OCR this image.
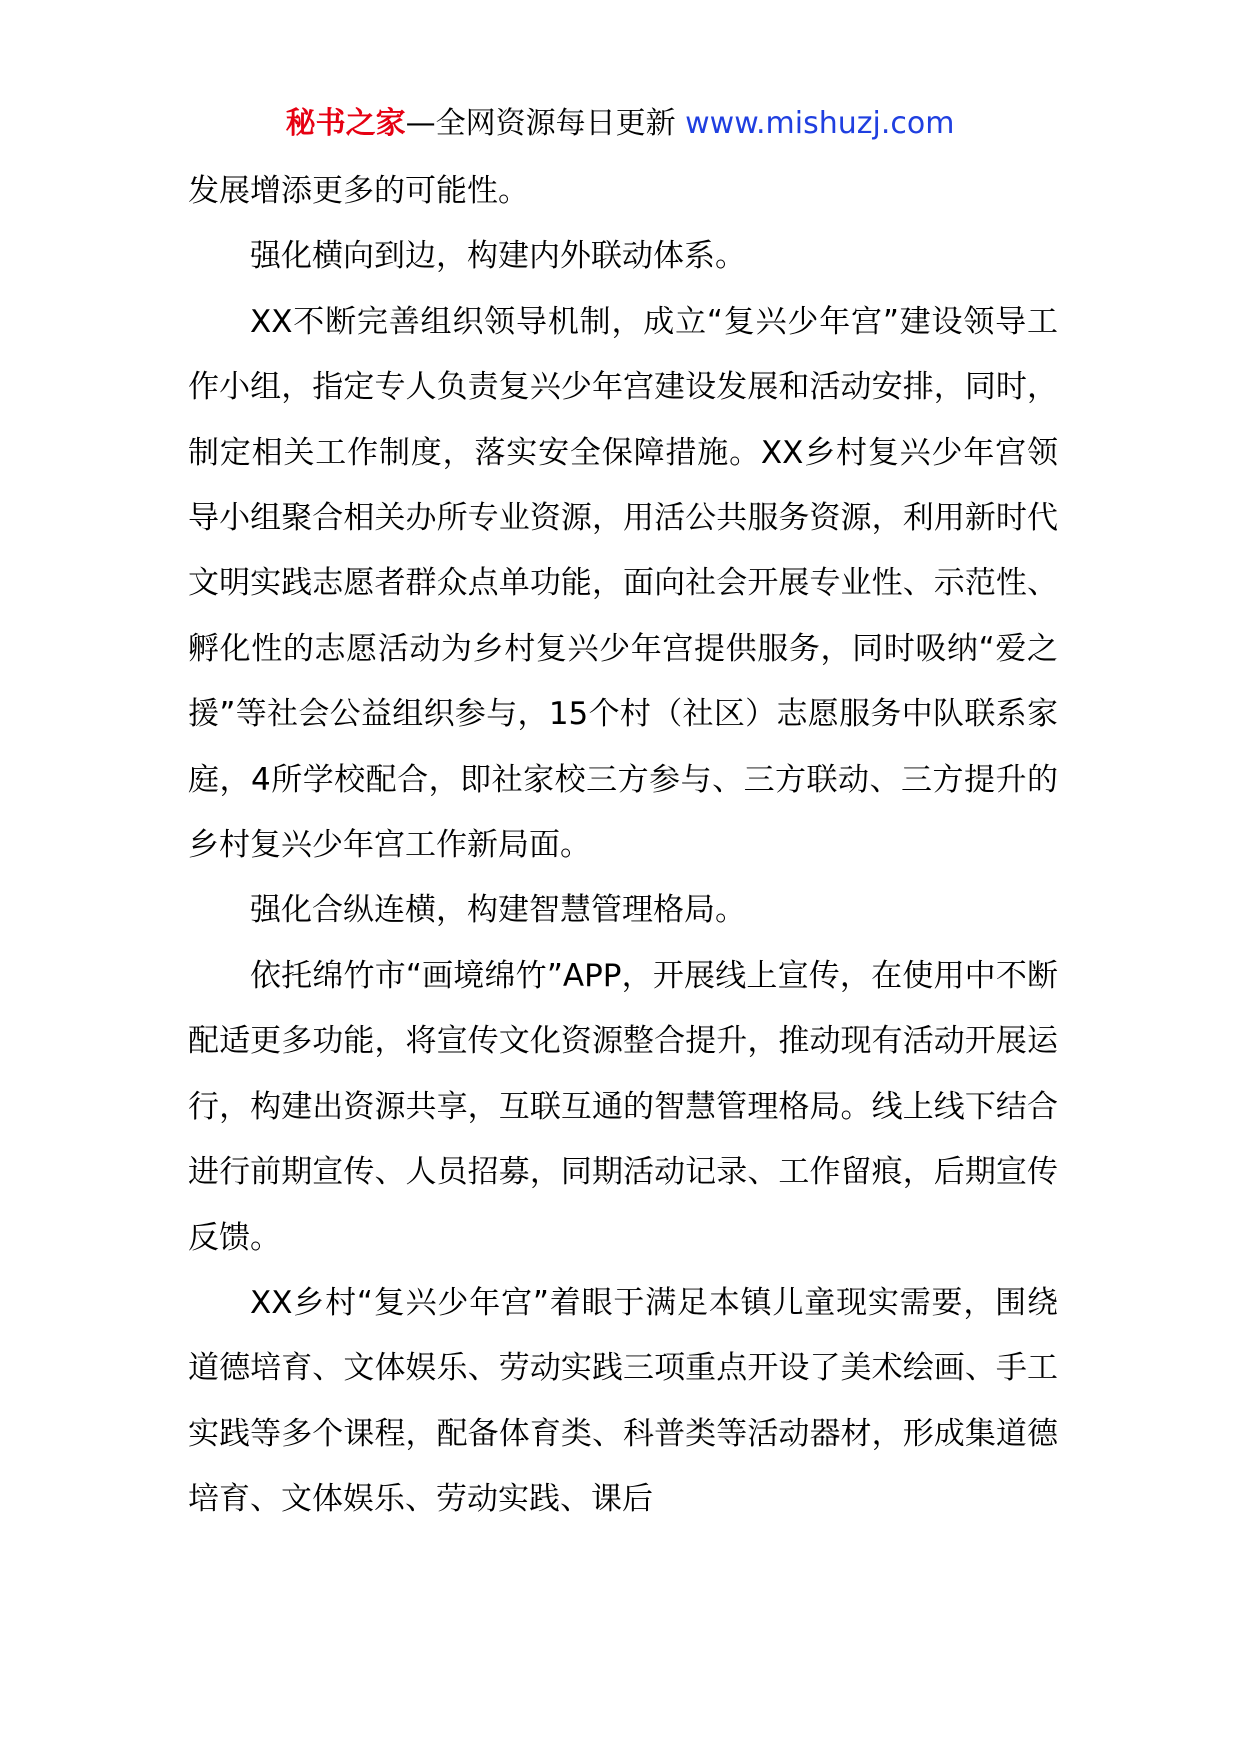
秘书之家—全网资源每日更新 www.mishuzj.com

发展增添更多的可能性。

强化横向到边，构建内外联动体系。

XX不断完善组织领导机制，成立“复兴少年宫”建设领导工作小组，指定专人负责复兴少年宫建设发展和活动安排，同时，制定相关工作制度，落实安全保障措施。XX乡村复兴少年宫领导小组聚合相关办所专业资源，用活公共服务资源，利用新时代文明实践志愿者群众点单功能，面向社会开展专业性、示范性、孵化性的志愿活动为乡村复兴少年宫提供服务，同时吸纳“爱之援”等社会公益组织参与，15个村（社区）志愿服务中队联系家庭，4所学校配合，即社家校三方参与、三方联动、三方提升的乡村复兴少年宫工作新局面。

强化合纵连横，构建智慧管理格局。

依托绵竹市“画境绵竹”APP，开展线上宣传，在使用中不断配适更多功能，将宣传文化资源整合提升，推动现有活动开展运行，构建出资源共享，互联互通的智慧管理格局。线上线下结合进行前期宣传、人员招募，同期活动记录、工作留痕，后期宣传反馈。

XX乡村“复兴少年宫”着眼于满足本镇儿童现实需要，围绕道德培育、文体娱乐、劳动实践三项重点开设了美术绘画、手工实践等多个课程，配备体育类、科普类等活动器材，形成集道德培育、文体娱乐、劳动实践、课后
